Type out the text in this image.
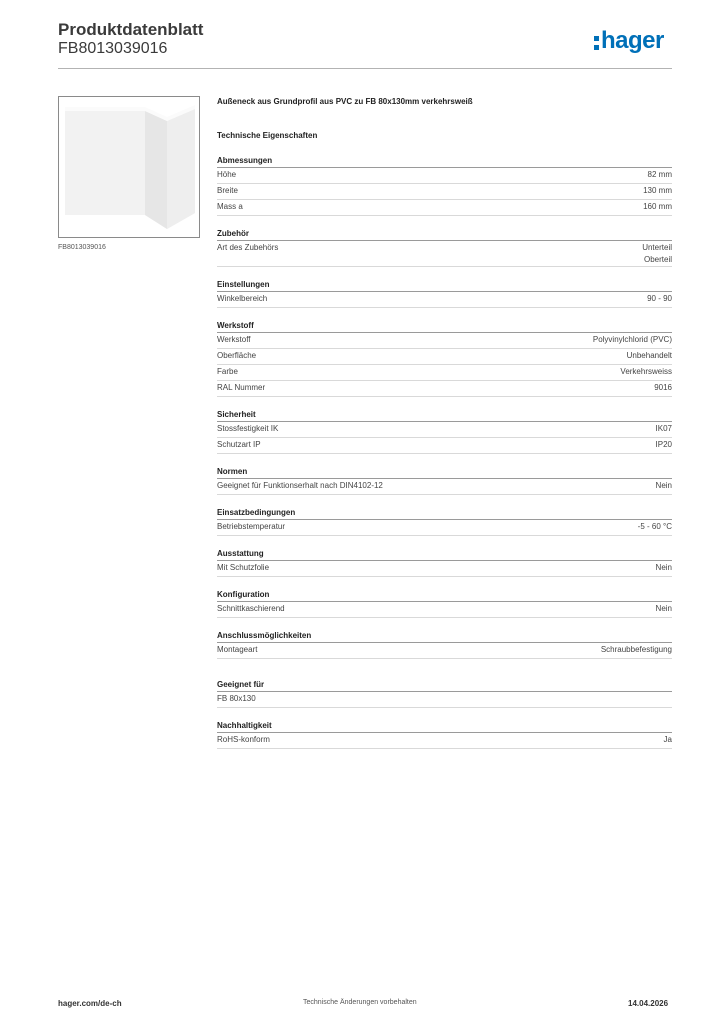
Produktdatenblatt
FB8013039016	hager
FB8013039016
Außeneck aus Grundprofil aus PVC zu FB 80x130mm verkehrsweiß
Technische Eigenschaften
Abmessungen
Höhe	82 mm
Breite	130 mm
Mass a	160 mm
Zubehör
Art des Zubehörs	Unterteil
Oberteil
Einstellungen
Winkelbereich	90 - 90
Werkstoff
Werkstoff	Polyvinylchlorid (PVC)
Oberfläche	Unbehandelt
Farbe	Verkehrsweiss
RAL Nummer	9016
Sicherheit
Stossfestigkeit IK	IK07
Schutzart IP	IP20
Normen
Geeignet für Funktionserhalt nach DIN4102-12	Nein
Einsatzbedingungen
Betriebstemperatur	-5 - 60 °C
Ausstattung
Mit Schutzfolie	Nein
Konfiguration
Schnittkaschierend	Nein
Anschlussmöglichkeiten
Montageart	Schraubbefestigung
Geeignet für
FB 80x130
Nachhaltigkeit
RoHS-konform	Ja
hager.com/de-ch	Technische Änderungen vorbehalten	14.04.2026
